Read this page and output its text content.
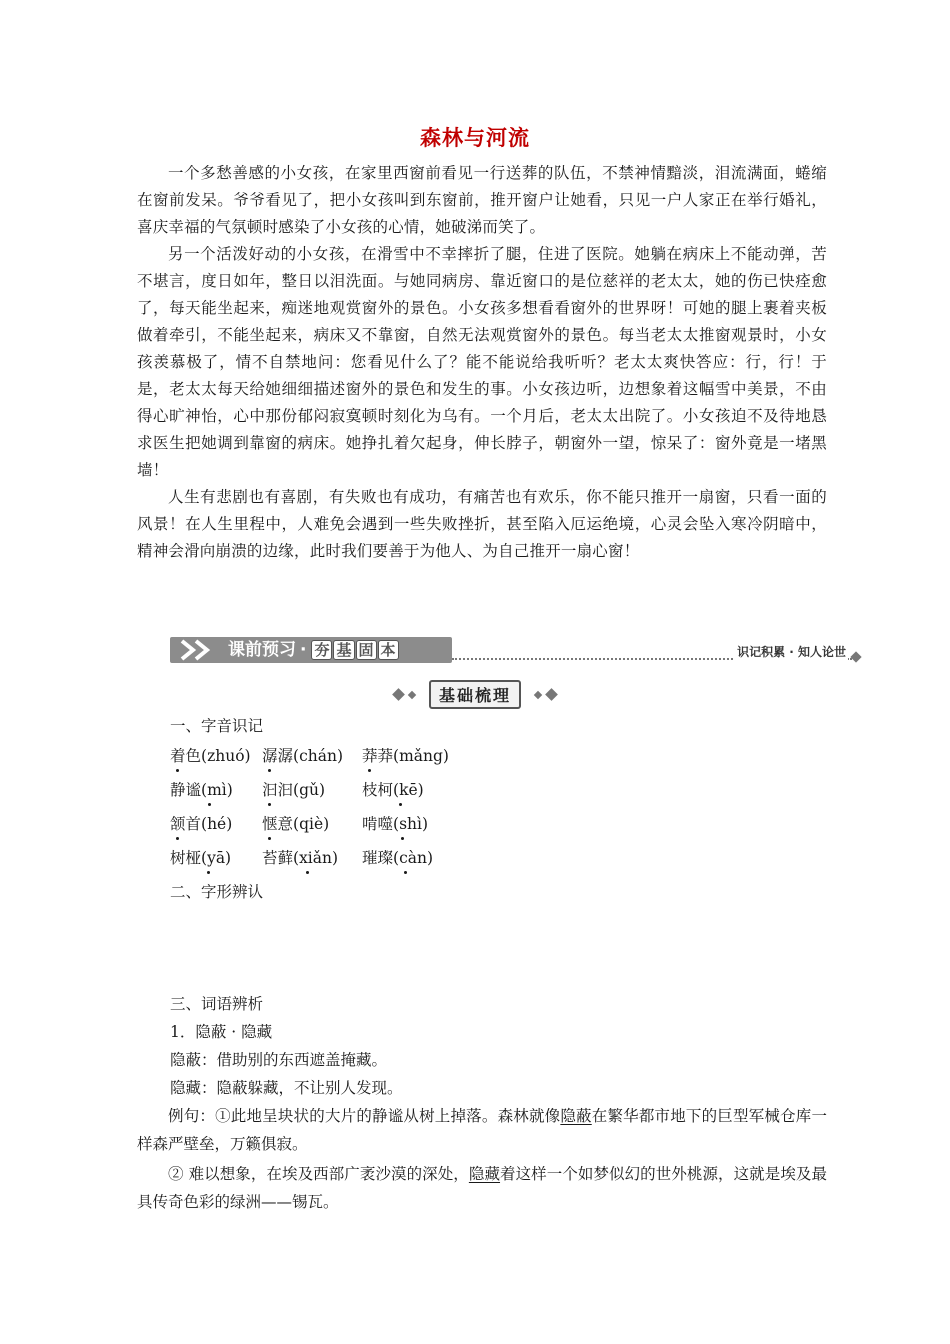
森林与河流

一个多愁善感的小女孩，在家里西窗前看见一行送葬的队伍，不禁神情黯淡，泪流满面，蜷缩在窗前发呆。爷爷看见了，把小女孩叫到东窗前，推开窗户让她看，只见一户人家正在举行婚礼，喜庆幸福的气氛顿时感染了小女孩的心情，她破涕而笑了。

另一个活泼好动的小女孩，在滑雪中不幸摔折了腿，住进了医院。她躺在病床上不能动弹，苦不堪言，度日如年，整日以泪洗面。与她同病房、靠近窗口的是位慈祥的老太太，她的伤已快痊愈了，每天能坐起来，痴迷地观赏窗外的景色。小女孩多想看看窗外的世界呀！可她的腿上裹着夹板做着牵引，不能坐起来，病床又不靠窗，自然无法观赏窗外的景色。每当老太太推窗观景时，小女孩羡慕极了，情不自禁地问：您看见什么了？能不能说给我听听？老太太爽快答应：行，行！于是，老太太每天给她细细描述窗外的景色和发生的事。小女孩边听，边想象着这幅雪中美景，不由得心旷神怡，心中那份郁闷寂寞顿时刻化为乌有。一个月后，老太太出院了。小女孩迫不及待地恳求医生把她调到靠窗的病床。她挣扎着欠起身，伸长脖子，朝窗外一望，惊呆了：窗外竟是一堵黑墙！

人生有悲剧也有喜剧，有失败也有成功，有痛苦也有欢乐，你不能只推开一扇窗，只看一面的风景！在人生里程中，人难免会遇到一些失败挫折，甚至陷入厄运绝境，心灵会坠入寒冷阴暗中，精神会滑向崩溃的边缘，此时我们要善于为他人、为自己推开一扇心窗！

课前预习 · 夯 基 固 本	识记积累 · 知人论世
基础梳理
一、字音识记
着色(zhuó) 潺潺(chán) 莽莽(mǎng)
静谧(mì) 汩汩(gǔ) 枝柯(kē)
颔首(hé) 惬意(qiè) 啃噬(shì)
树桠(yā) 苔藓(xiǎn) 璀璨(càn)
二、字形辨认
三、词语辨析
1．隐蔽 · 隐藏
隐蔽：借助别的东西遮盖掩藏。
隐藏：隐蔽躲藏，不让别人发现。

例句：①此地呈块状的大片的静谧从树上掉落。森林就像隐蔽在繁华都市地下的巨型军械仓库一样森严壁垒，万籁俱寂。

② 难以想象，在埃及西部广袤沙漠的深处，隐藏着这样一个如梦似幻的世外桃源，这就是埃及最具传奇色彩的绿洲——锡瓦。
